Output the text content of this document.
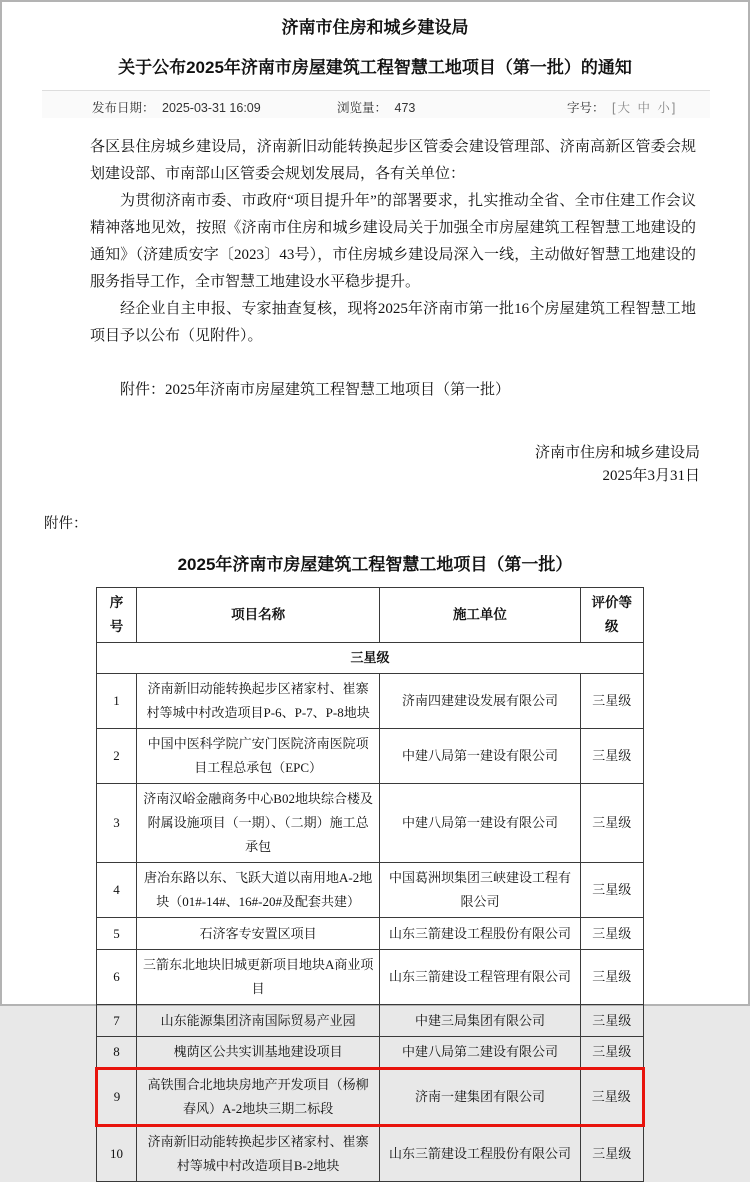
济南市住房和城乡建设局
关于公布2025年济南市房屋建筑工程智慧工地项目（第一批）的通知
发布日期： 2025-03-31 16:09	浏览量： 473	字号： [大 中 小]

各区县住房城乡建设局，济南新旧动能转换起步区管委会建设管理部、济南高新区管委会规划建设部、市南部山区管委会规划发展局，各有关单位：

为贯彻济南市委、市政府“项目提升年”的部署要求，扎实推动全省、全市住建工作会议精神落地见效，按照《济南市住房和城乡建设局关于加强全市房屋建筑工程智慧工地建设的通知》（济建质安字〔2023〕43号），市住房城乡建设局深入一线，主动做好智慧工地建设的服务指导工作，全市智慧工地建设水平稳步提升。

经企业自主申报、专家抽查复核，现将2025年济南市第一批16个房屋建筑工程智慧工地项目予以公布（见附件）。

附件：2025年济南市房屋建筑工程智慧工地项目（第一批）

济南市住房和城乡建设局
2025年3月31日
附件：
2025年济南市房屋建筑工程智慧工地项目（第一批）
序号	项目名称	施工单位	评价等级
三星级			
1	济南新旧动能转换起步区褚家村、崔寨村等城中村改造项目P-6、P-7、P-8地块	济南四建建设发展有限公司	三星级
2	中国中医科学院广安门医院济南医院项目工程总承包（EPC）	中建八局第一建设有限公司	三星级
3	济南汉峪金融商务中心B02地块综合楼及附属设施项目（一期）、（二期）施工总承包	中建八局第一建设有限公司	三星级
4	唐冶东路以东、飞跃大道以南用地A-2地块（01#-14#、16#-20#及配套共建）	中国葛洲坝集团三峡建设工程有限公司	三星级
5	石济客专安置区项目	山东三箭建设工程股份有限公司	三星级
6	三箭东北地块旧城更新项目地块A商业项目	山东三箭建设工程管理有限公司	三星级
7	山东能源集团济南国际贸易产业园	中建三局集团有限公司	三星级
8	槐荫区公共实训基地建设项目	中建八局第二建设有限公司	三星级
9	高铁围合北地块房地产开发项目（杨柳春风）A-2地块三期二标段	济南一建集团有限公司	三星级
10	济南新旧动能转换起步区褚家村、崔寨村等城中村改造项目B-2地块	山东三箭建设工程股份有限公司	三星级
